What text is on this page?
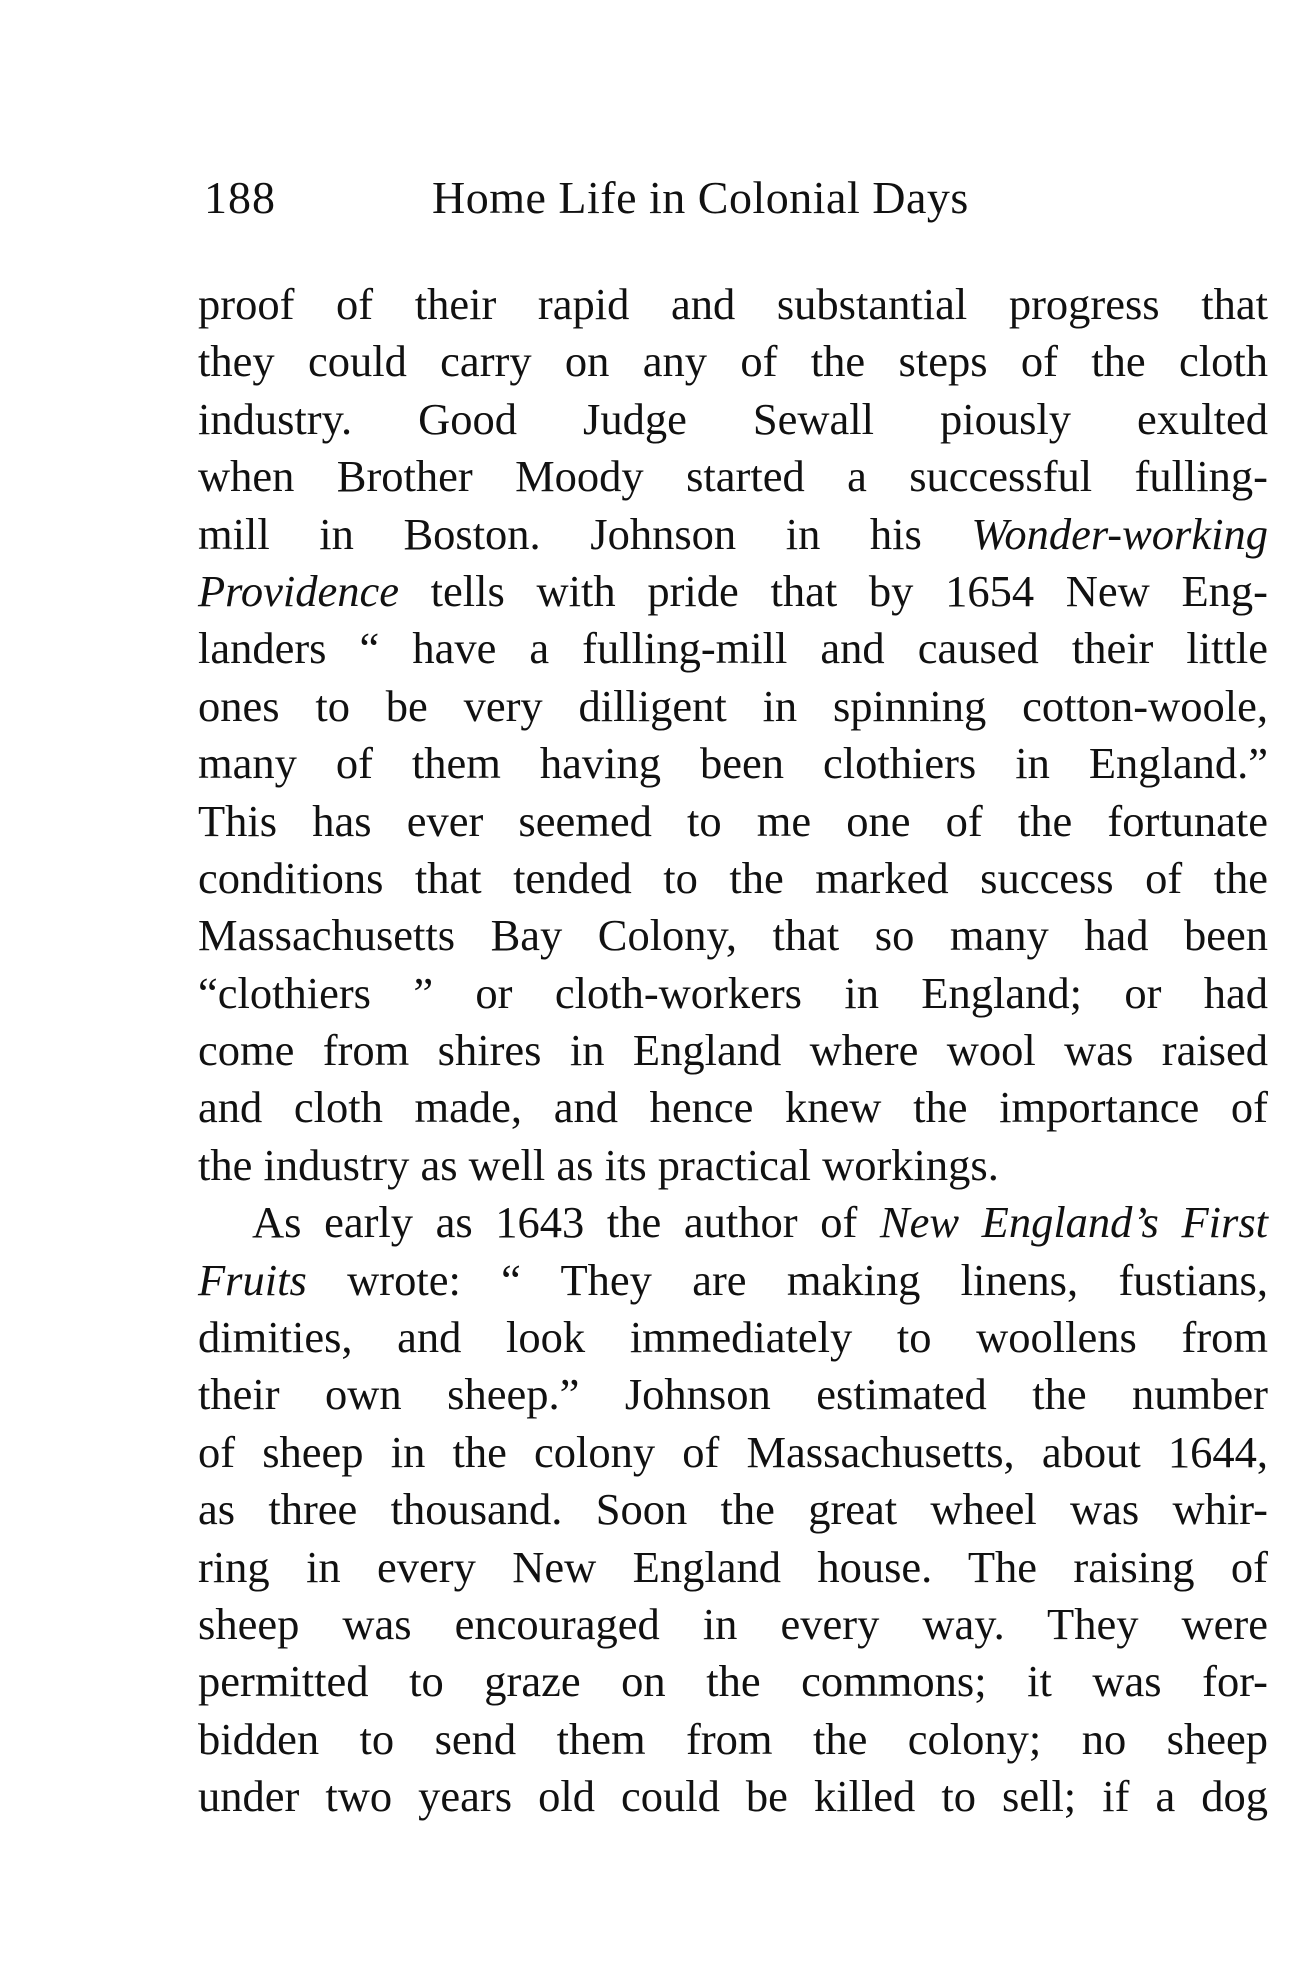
188	Home Life in Colonial Days
proof of their rapid and substantial progress that
they could carry on any of the steps of the cloth
industry. Good Judge Sewall piously exulted
when Brother Moody started a successful fulling-
mill in Boston. Johnson in his Wonder-working
Providence tells with pride that by 1654 New Eng-
landers “ have a fulling-mill and caused their little
ones to be very dilligent in spinning cotton-woole,
many of them having been clothiers in England.”
This has ever seemed to me one of the fortunate
conditions that tended to the marked success of the
Massachusetts Bay Colony, that so many had been
“clothiers ” or cloth-workers in England; or had
come from shires in England where wool was raised
and cloth made, and hence knew the importance of
the industry as well as its practical workings.
As early as 1643 the author of New England’s First
Fruits wrote: “ They are making linens, fustians,
dimities, and look immediately to woollens from
their own sheep.” Johnson estimated the number
of sheep in the colony of Massachusetts, about 1644,
as three thousand. Soon the great wheel was whir-
ring in every New England house. The raising of
sheep was encouraged in every way. They were
permitted to graze on the commons; it was for-
bidden to send them from the colony; no sheep
under two years old could be killed to sell; if a dog
